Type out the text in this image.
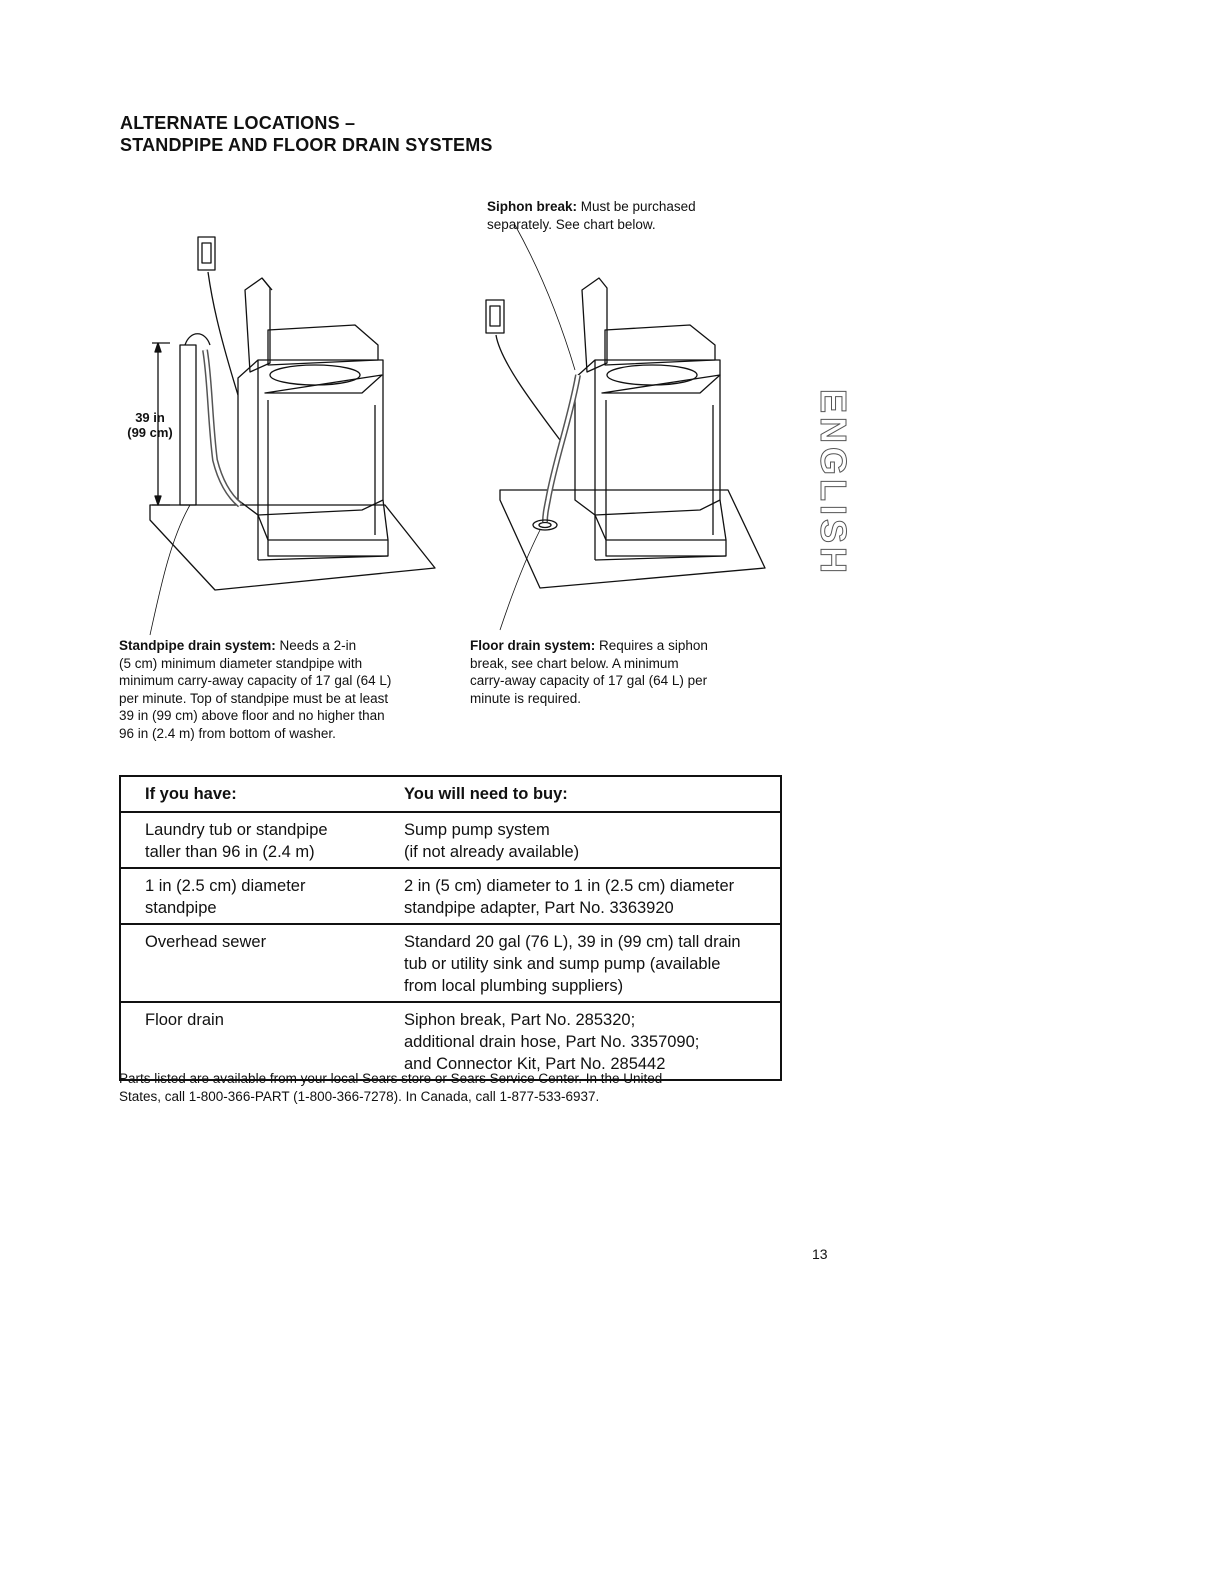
ALTERNATE LOCATIONS –
STANDPIPE AND FLOOR DRAIN SYSTEMS
39 in
(99 cm)
Siphon break: Must be purchased
separately. See chart below.
Standpipe drain system: Needs a 2-in
(5 cm) minimum diameter standpipe with
minimum carry-away capacity of 17 gal (64 L)
per minute. Top of standpipe must be at least
39 in (99 cm) above floor and no higher than
96 in (2.4 m) from bottom of washer.
Floor drain system: Requires a siphon
break, see chart below. A minimum
carry-away capacity of 17 gal (64 L) per
minute is required.
ENGLISH
If you have:	You will need to buy:

Laundry tub or standpipe
taller than 96 in (2.4 m)	Sump pump system
(if not already available)

1 in (2.5 cm) diameter
standpipe	2 in (5 cm) diameter to 1 in (2.5 cm) diameter
standpipe adapter, Part No. 3363920

Overhead sewer	Standard 20 gal (76 L), 39 in (99 cm) tall drain
tub or utility sink and sump pump (available
from local plumbing suppliers)

Floor drain	Siphon break, Part No. 285320;
additional drain hose, Part No. 3357090;
and Connector Kit, Part No. 285442
Parts listed are available from your local Sears store or Sears Service Center. In the United
States, call 1-800-366-PART (1-800-366-7278). In Canada, call 1-877-533-6937.
13
